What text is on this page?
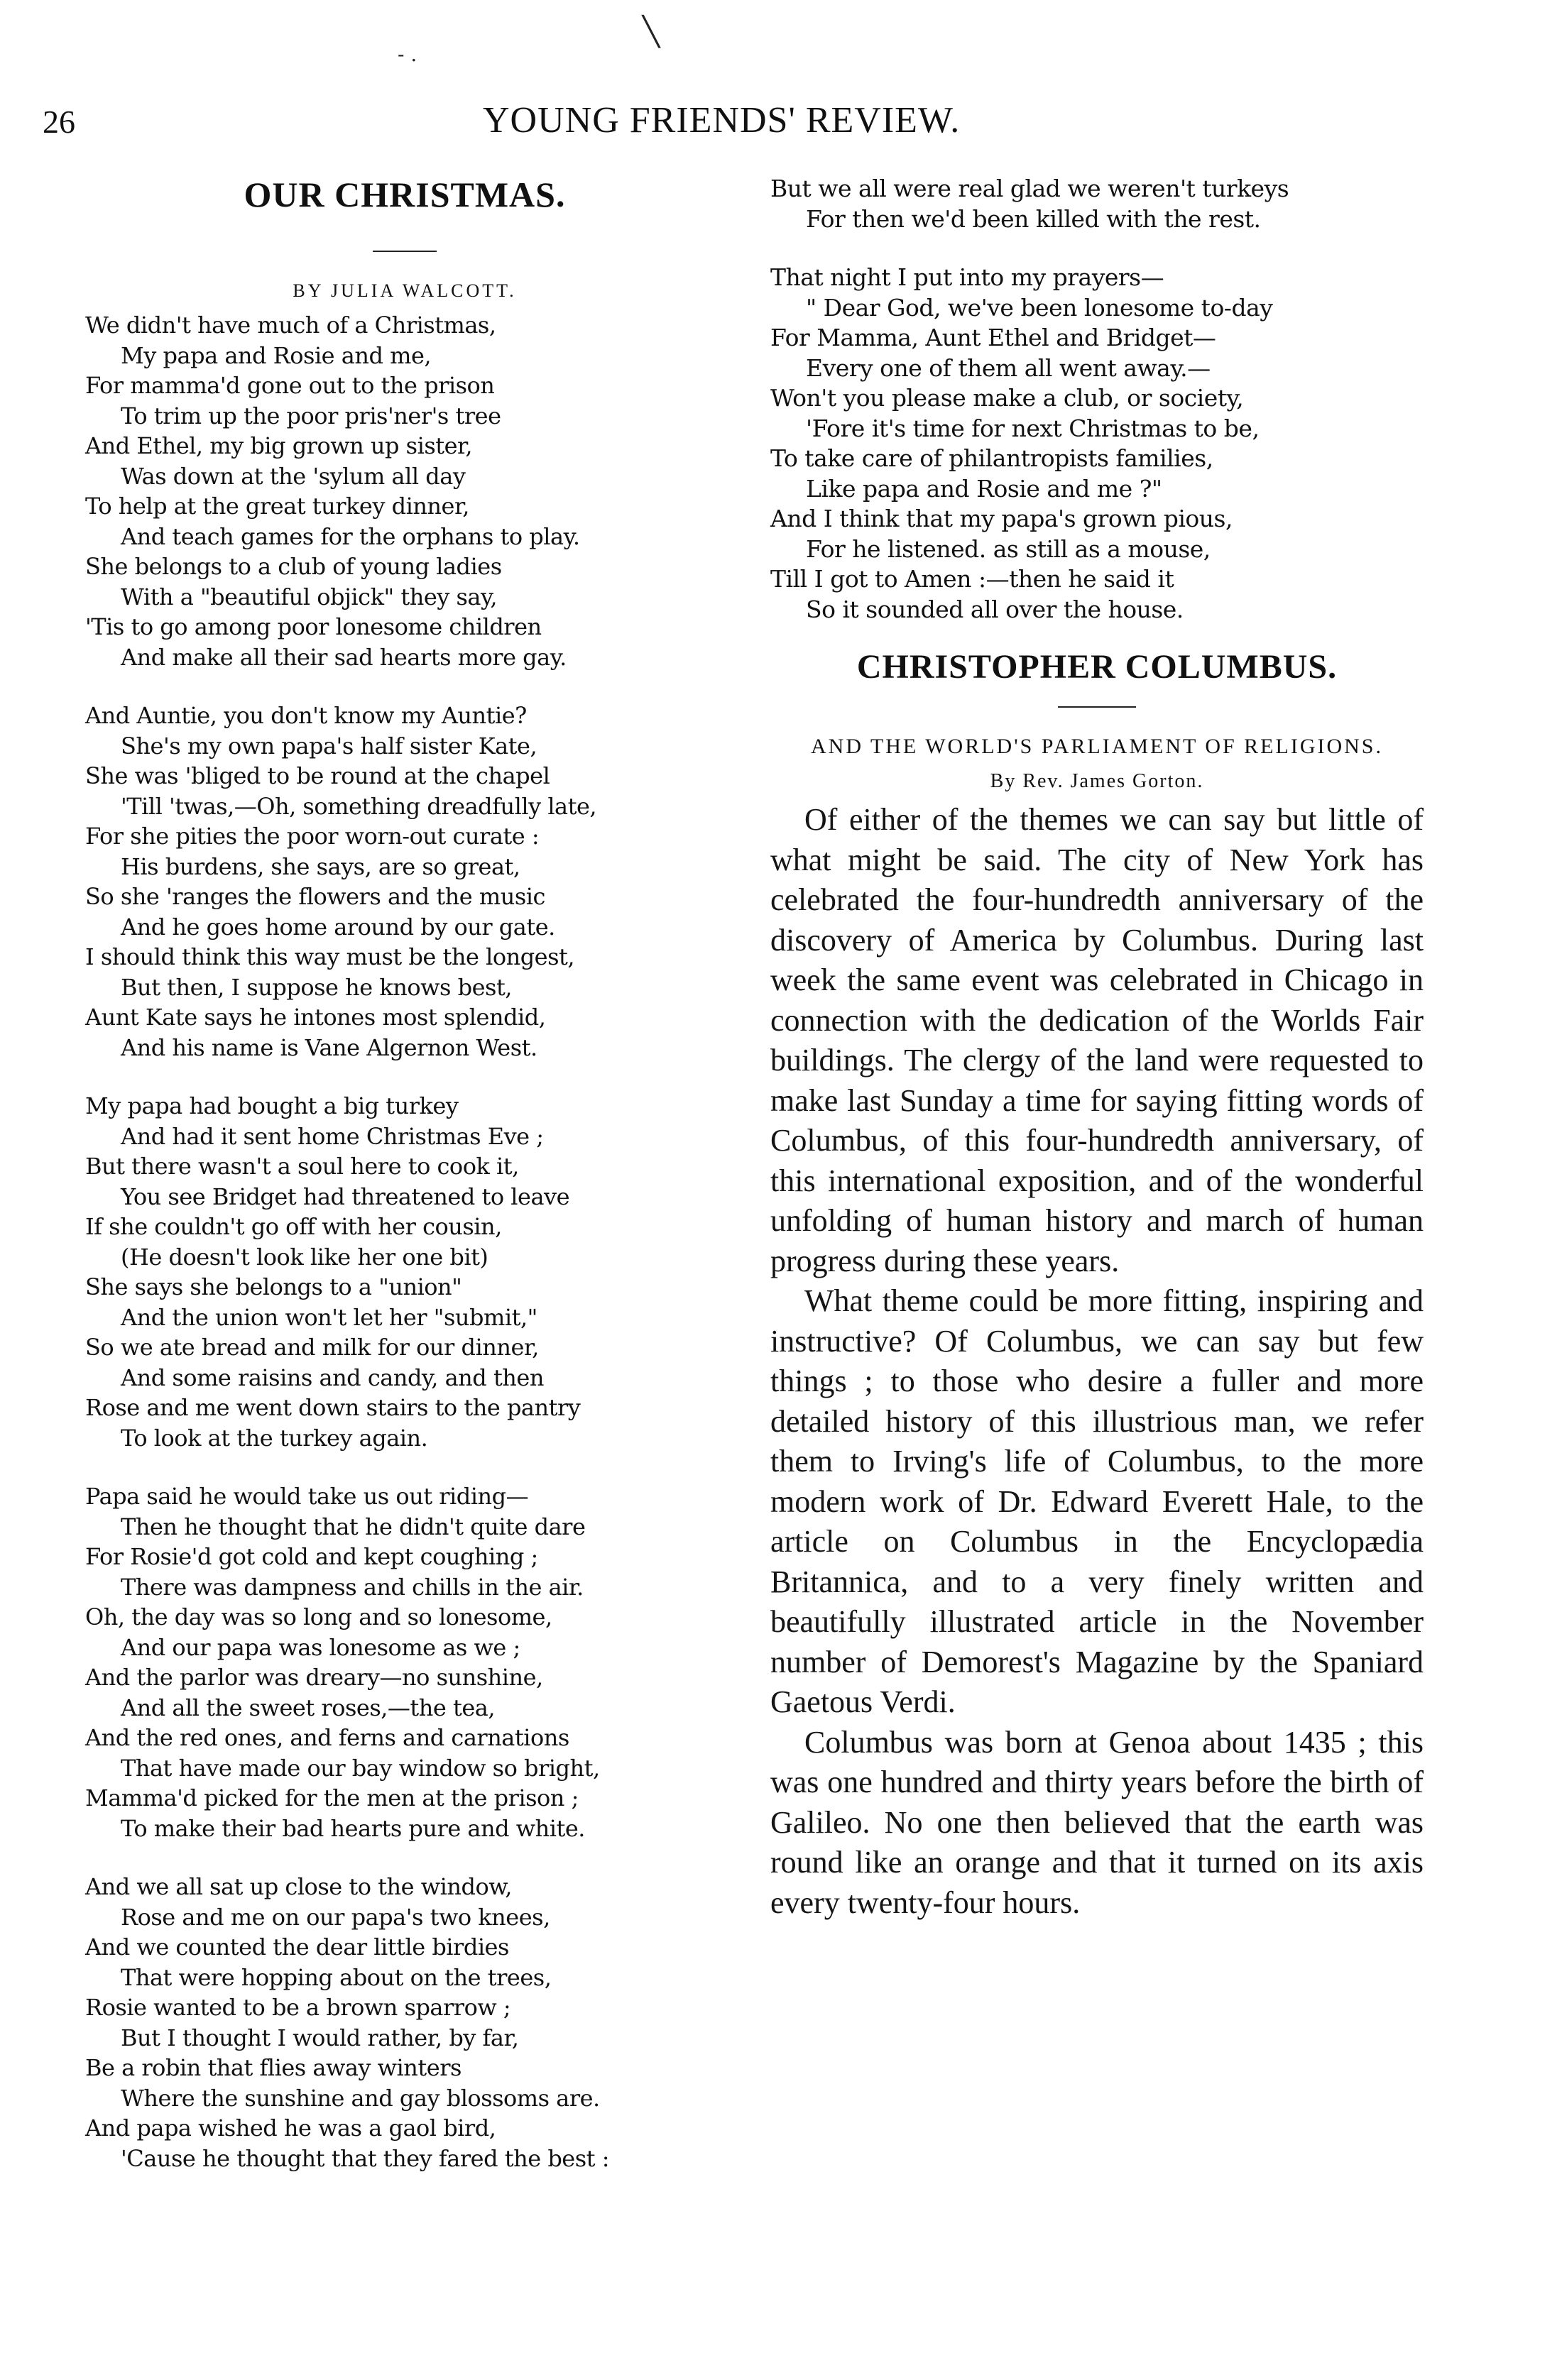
╲
- .
26	YOUNG FRIENDS' REVIEW.
OUR CHRISTMAS.
BY JULIA WALCOTT.
We didn't have much of a Christmas,
My papa and Rosie and me,
For mamma'd gone out to the prison
To trim up the poor pris'ner's tree
And Ethel, my big grown up sister,
Was down at the 'sylum all day
To help at the great turkey dinner,
And teach games for the orphans to play.
She belongs to a club of young ladies
With a "beautiful objick" they say,
'Tis to go among poor lonesome children
And make all their sad hearts more gay.
And Auntie, you don't know my Auntie?
She's my own papa's half sister Kate,
She was 'bliged to be round at the chapel
'Till 'twas,—Oh, something dreadfully late,
For she pities the poor worn-out curate :
His burdens, she says, are so great,
So she 'ranges the flowers and the music
And he goes home around by our gate.
I should think this way must be the longest,
But then, I suppose he knows best,
Aunt Kate says he intones most splendid,
And his name is Vane Algernon West.
My papa had bought a big turkey
And had it sent home Christmas Eve ;
But there wasn't a soul here to cook it,
You see Bridget had threatened to leave
If she couldn't go off with her cousin,
(He doesn't look like her one bit)
She says she belongs to a "union"
And the union won't let her "submit,"
So we ate bread and milk for our dinner,
And some raisins and candy, and then
Rose and me went down stairs to the pantry
To look at the turkey again.
Papa said he would take us out riding—
Then he thought that he didn't quite dare
For Rosie'd got cold and kept coughing ;
There was dampness and chills in the air.
Oh, the day was so long and so lonesome,
And our papa was lonesome as we ;
And the parlor was dreary—no sunshine,
And all the sweet roses,—the tea,
And the red ones, and ferns and carnations
That have made our bay window so bright,
Mamma'd picked for the men at the prison ;
To make their bad hearts pure and white.
And we all sat up close to the window,
Rose and me on our papa's two knees,
And we counted the dear little birdies
That were hopping about on the trees,
Rosie wanted to be a brown sparrow ;
But I thought I would rather, by far,
Be a robin that flies away winters
Where the sunshine and gay blossoms are.
And papa wished he was a gaol bird,
'Cause he thought that they fared the best :
But we all were real glad we weren't turkeys
For then we'd been killed with the rest.
That night I put into my prayers—
" Dear God, we've been lonesome to-day
For Mamma, Aunt Ethel and Bridget—
Every one of them all went away.—
Won't you please make a club, or society,
'Fore it's time for next Christmas to be,
To take care of philantropists families,
Like papa and Rosie and me ?"
And I think that my papa's grown pious,
For he listened. as still as a mouse,
Till I got to Amen :—then he said it
So it sounded all over the house.
CHRISTOPHER COLUMBUS.

AND THE WORLD'S PARLIAMENT OF RELIGIONS.

By Rev. James Gorton.

Of either of the themes we can say but little of what might be said. The city of New York has celebrated the four-hundredth anniversary of the discovery of America by Columbus. During last week the same event was celebrated in Chicago in connection with the dedication of the Worlds Fair buildings. The clergy of the land were requested to make last Sunday a time for saying fitting words of Columbus, of this four-hundredth anniversary, of this international exposition, and of the wonderful unfolding of human history and march of human progress during these years.

What theme could be more fitting, inspiring and instructive? Of Columbus, we can say but few things ; to those who desire a fuller and more detailed history of this illustrious man, we refer them to Irving's life of Columbus, to the more modern work of Dr. Edward Everett Hale, to the article on Columbus in the Encyclopædia Britannica, and to a very finely written and beautifully illustrated article in the November number of Demorest's Magazine by the Spaniard Gaetous Verdi.

Columbus was born at Genoa about 1435 ; this was one hundred and thirty years before the birth of Galileo. No one then believed that the earth was round like an orange and that it turned on its axis every twenty-four hours.
